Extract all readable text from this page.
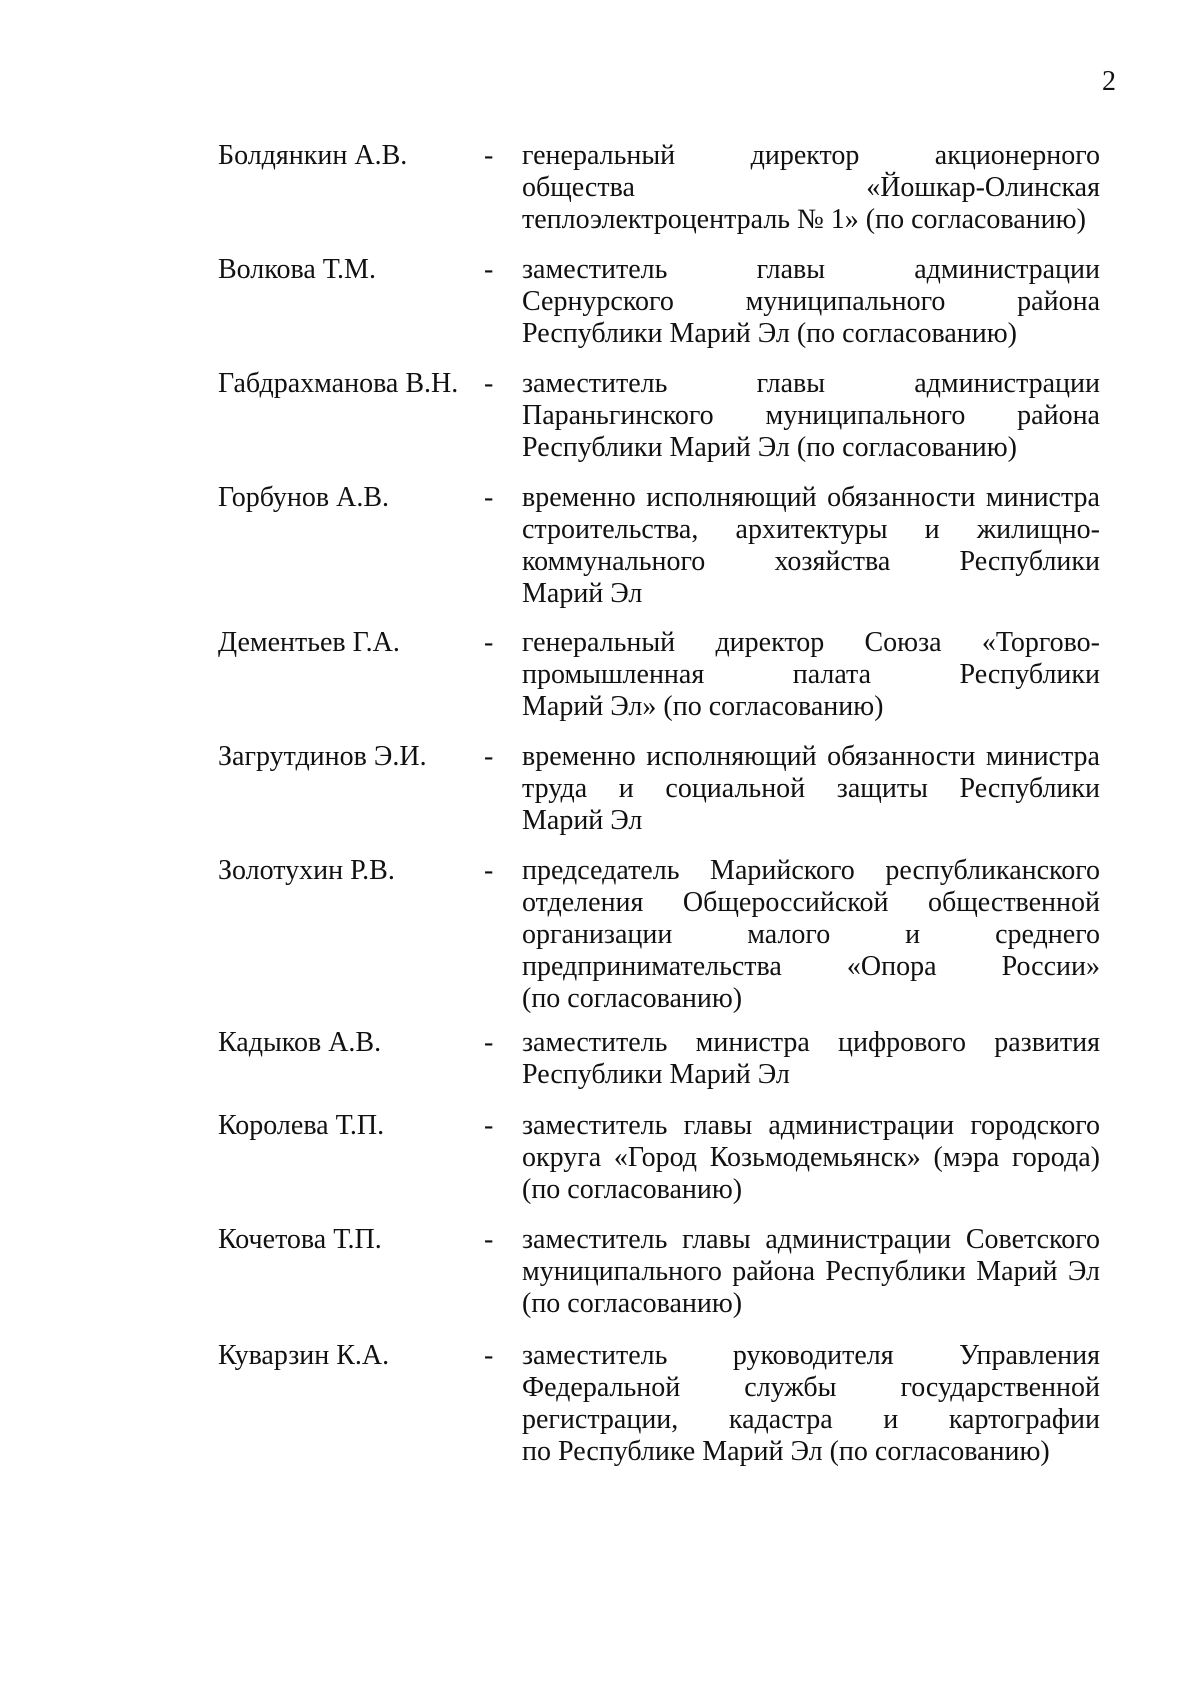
2
Болдянкин А.В.	- генеральный директор акционерного
общества «Йошкар-Олинская
теплоэлектроцентраль № 1» (по согласованию)
Волкова Т.М.	- заместитель главы администрации
Сернурского муниципального района
Республики Марий Эл (по согласованию)
Габдрахманова В.Н. - заместитель главы администрации
Параньгинского муниципального района
Республики Марий Эл (по согласованию)
Горбунов А.В.	- временно исполняющий обязанности министра
строительства, архитектуры и жилищно-
коммунального хозяйства Республики
Марий Эл
Дементьев Г.А.	- генеральный директор Союза «Торгово-
промышленная палата Республики
Марий Эл» (по согласованию)
Загрутдинов Э.И. - временно исполняющий обязанности министра
труда и социальной защиты Республики
Марий Эл
Золотухин Р.В.	- председатель Марийского республиканского
отделения Общероссийской общественной
организации малого и среднего
предпринимательства «Опора России»
(по согласованию)
Кадыков А.В.	- заместитель министра цифрового развития
Республики Марий Эл
Королева Т.П.	- заместитель главы администрации городского
округа «Город Козьмодемьянск» (мэра города)
(по согласованию)
Кочетова Т.П.	- заместитель главы администрации Советского
муниципального района Республики Марий Эл
(по согласованию)
Куварзин К.А.	- заместитель руководителя Управления
Федеральной службы государственной
регистрации, кадастра и картографии
по Республике Марий Эл (по согласованию)
